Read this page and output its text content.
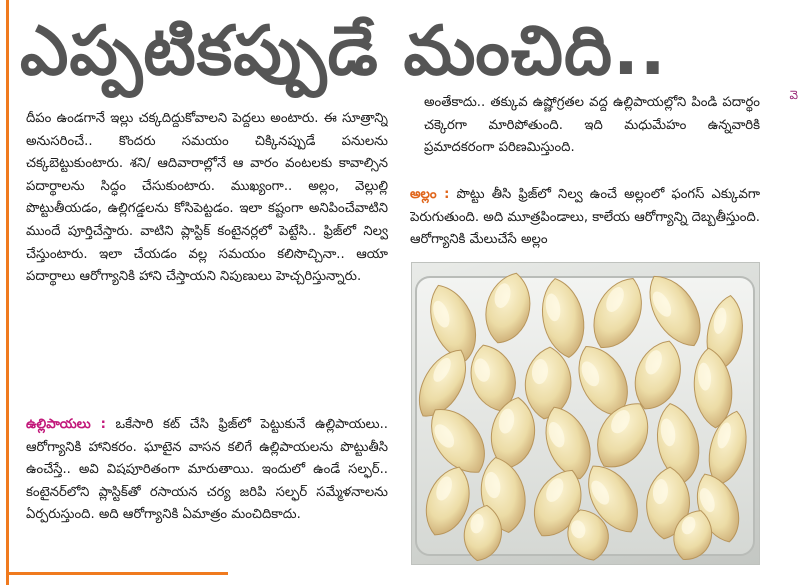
ఎప్పటికప్పుడే మంచిది..
వె

దీపం ఉండగానే ఇల్లు చక్కదిద్దుకోవాలని పెద్దలు అంటారు. ఈ సూత్రాన్ని అనుసరించే.. కొందరు సమయం చిక్కినప్పుడే పనులను చక్కబెట్టుకుంటారు. శని/ ఆదివారాల్లోనే ఆ వారం వంటలకు కావాల్సిన పదార్థాలను సిద్ధం చేసుకుంటారు. ముఖ్యంగా.. అల్లం, వెల్లుల్లి పొట్టుతీయడం, ఉల్లిగడ్డలను కోసిపెట్టడం. ఇలా కష్టంగా అనిపించేవాటిని ముందే పూర్తిచేస్తారు. వాటిని ప్లాస్టిక్ కంటైనర్లలో పెట్టేసి.. ఫ్రిజ్‌లో నిల్వ చేస్తుంటారు. ఇలా చేయడం వల్ల సమయం కలిసొచ్చినా.. ఆయా పదార్థాలు ఆరోగ్యానికి హాని చేస్తాయని నిపుణులు హెచ్చరిస్తున్నారు.

ఉల్లిపాయలు : ఒకేసారి కట్ చేసి ఫ్రిజ్‌లో పెట్టుకునే ఉల్లిపాయలు.. ఆరోగ్యానికి హానికరం. ఘాటైన వాసన కలిగే ఉల్లిపాయలను పొట్టుతీసి ఉంచేస్తే.. అవి విషపూరితంగా మారుతాయి. ఇందులో ఉండే సల్ఫర్.. కంటైనర్‌లోని ప్లాస్టిక్‌తో రసాయన చర్య జరిపి సల్ఫర్ సమ్మేళనాలను ఏర్పరుస్తుంది. అది ఆరోగ్యానికి ఏమాత్రం మంచిదికాదు.

అంతేకాదు.. తక్కువ ఉష్ణోగ్రతల వద్ద ఉల్లిపాయల్లోని పిండి పదార్థం చక్కెరగా మారిపోతుంది. ఇది మధుమేహం ఉన్నవారికి ప్రమాదకరంగా పరిణమిస్తుంది.

అల్లం : పొట్టు తీసి ఫ్రిజ్‌లో నిల్వ ఉంచే అల్లంలో ఫంగస్ ఎక్కువగా పెరుగుతుంది. అది మూత్రపిండాలు, కాలేయ ఆరోగ్యాన్ని దెబ్బతీస్తుంది. ఆరోగ్యానికి మేలుచేసే అల్లం
